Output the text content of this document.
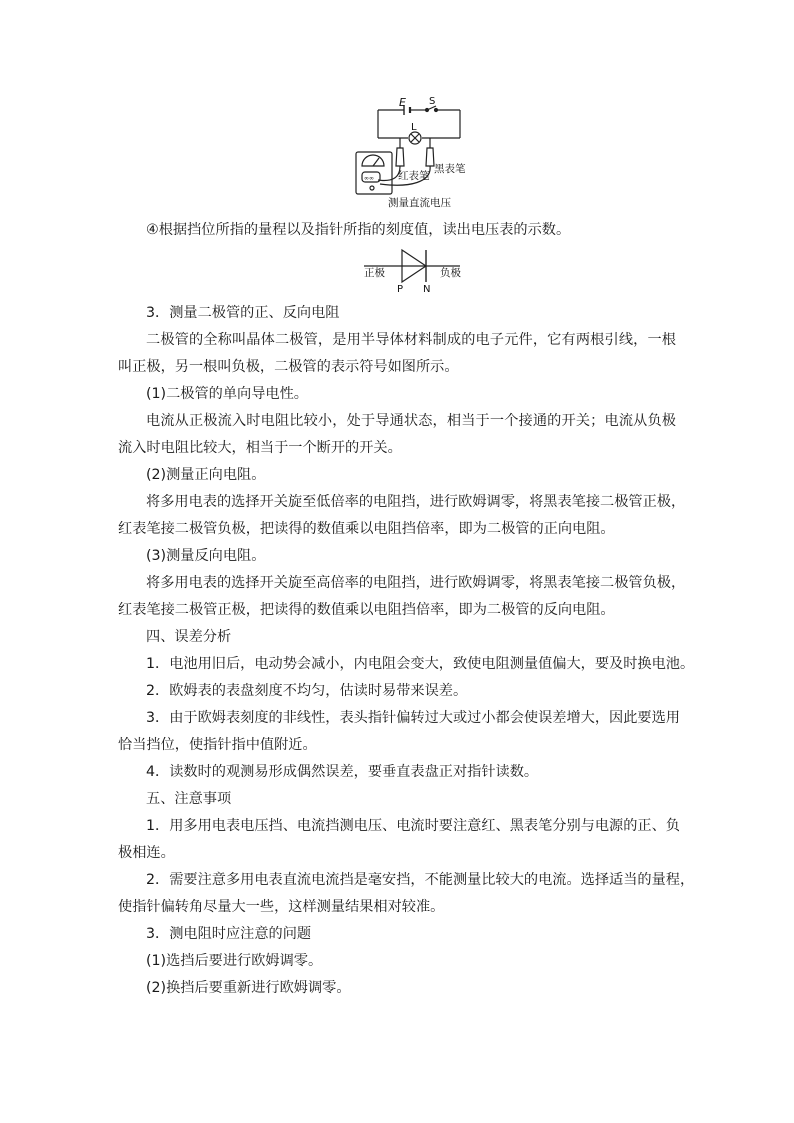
E S
L
∞∞ 红表笔
黑表笔
测量直流电压
④根据挡位所指的量程以及指针所指的刻度值，读出电压表的示数。
正极	负极
P N
3．测量二极管的正、反向电阻
二极管的全称叫晶体二极管，是用半导体材料制成的电子元件，它有两根引线，一根
叫正极，另一根叫负极，二极管的表示符号如图所示。
(1)二极管的单向导电性。
电流从正极流入时电阻比较小，处于导通状态，相当于一个接通的开关；电流从负极
流入时电阻比较大，相当于一个断开的开关。
(2)测量正向电阻。
将多用电表的选择开关旋至低倍率的电阻挡，进行欧姆调零，将黑表笔接二极管正极，
红表笔接二极管负极，把读得的数值乘以电阻挡倍率，即为二极管的正向电阻。
(3)测量反向电阻。
将多用电表的选择开关旋至高倍率的电阻挡，进行欧姆调零，将黑表笔接二极管负极，
红表笔接二极管正极，把读得的数值乘以电阻挡倍率，即为二极管的反向电阻。
四、误差分析
1．电池用旧后，电动势会减小，内电阻会变大，致使电阻测量值偏大，要及时换电池。
2．欧姆表的表盘刻度不均匀，估读时易带来误差。
3．由于欧姆表刻度的非线性，表头指针偏转过大或过小都会使误差增大，因此要选用
恰当挡位，使指针指中值附近。
4．读数时的观测易形成偶然误差，要垂直表盘正对指针读数。
五、注意事项
1．用多用电表电压挡、电流挡测电压、电流时要注意红、黑表笔分别与电源的正、负
极相连。
2．需要注意多用电表直流电流挡是毫安挡，不能测量比较大的电流。选择适当的量程，
使指针偏转角尽量大一些，这样测量结果相对较准。
3．测电阻时应注意的问题
(1)选挡后要进行欧姆调零。
(2)换挡后要重新进行欧姆调零。
